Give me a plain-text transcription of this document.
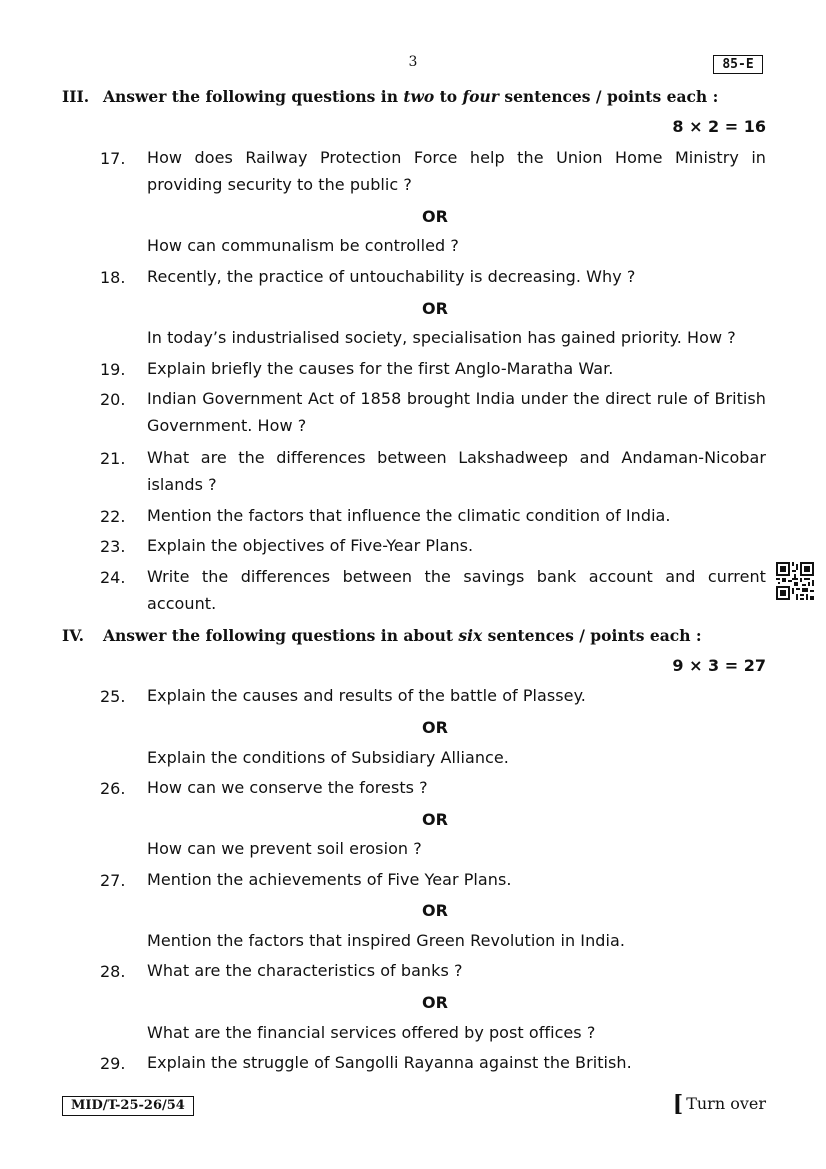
3	85-E
III. Answer the following questions in two to four sentences / points each :
8 × 2 = 16
17. How does Railway Protection Force help the Union Home Ministry in providing security to the public ?
OR
How can communalism be controlled ?
18. Recently, the practice of untouchability is decreasing. Why ?
OR
In today’s industrialised society, specialisation has gained priority. How ?
19. Explain briefly the causes for the first Anglo-Maratha War.
20. Indian Government Act of 1858 brought India under the direct rule of British Government. How ?
21. What are the differences between Lakshadweep and Andaman-Nicobar islands ?
22. Mention the factors that influence the climatic condition of India.
23. Explain the objectives of Five-Year Plans.
24. Write the differences between the savings bank account and current account.
IV. Answer the following questions in about six sentences / points each :
9 × 3 = 27
25. Explain the causes and results of the battle of Plassey.
OR
Explain the conditions of Subsidiary Alliance.
26. How can we conserve the forests ?
OR
How can we prevent soil erosion ?
27. Mention the achievements of Five Year Plans.
OR
Mention the factors that inspired Green Revolution in India.
28. What are the characteristics of banks ?
OR
What are the financial services offered by post offices ?
29. Explain the struggle of Sangolli Rayanna against the British.
MID/T-25-26/54	[ Turn over
